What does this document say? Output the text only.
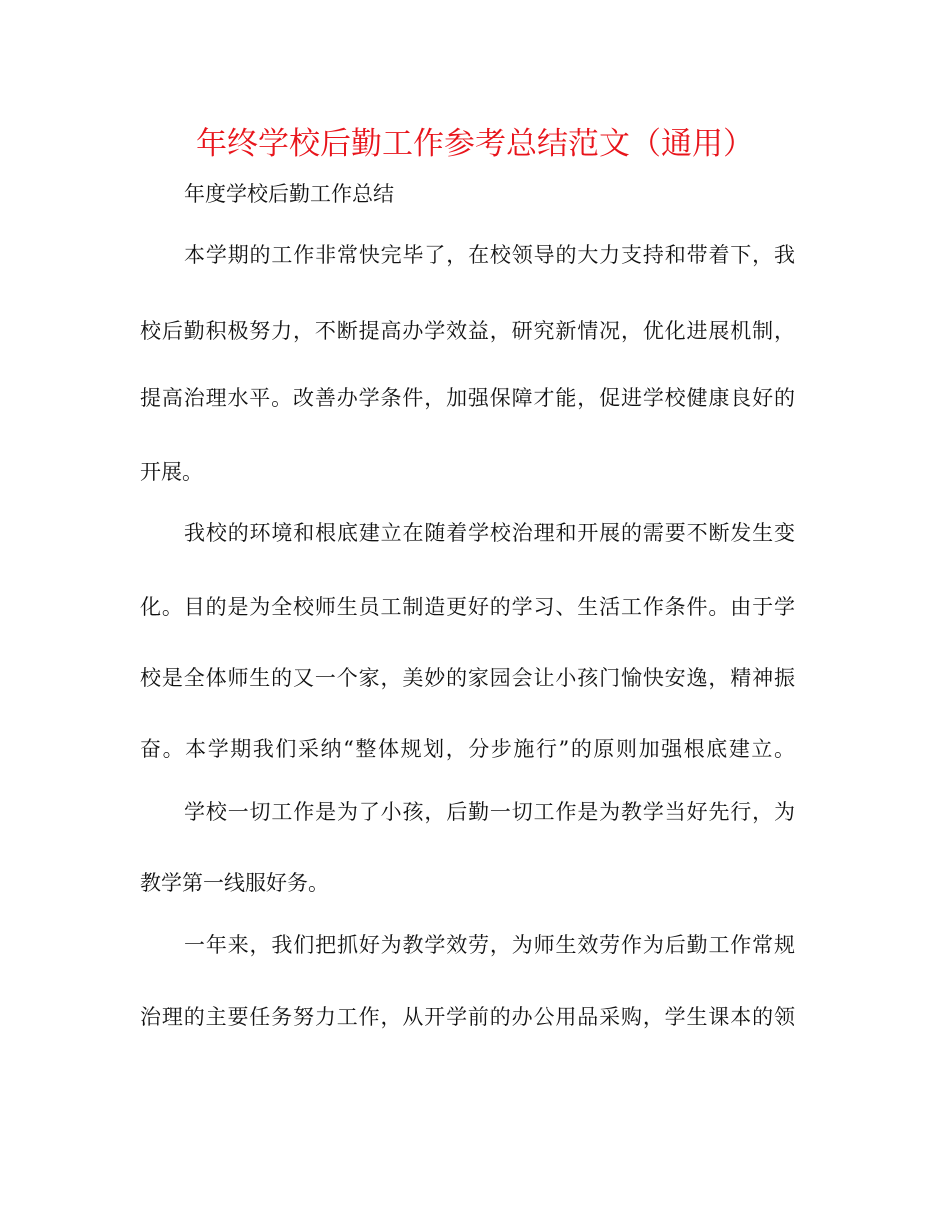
年终学校后勤工作参考总结范文（通用）
年度学校后勤工作总结
本学期的工作非常快完毕了，在校领导的大力支持和带着下，我
校后勤积极努力，不断提高办学效益，研究新情况，优化进展机制，
提高治理水平。改善办学条件，加强保障才能，促进学校健康良好的
开展。
我校的环境和根底建立在随着学校治理和开展的需要不断发生变
化。目的是为全校师生员工制造更好的学习、生活工作条件。由于学
校是全体师生的又一个家，美妙的家园会让小孩门愉快安逸，精神振
奋。本学期我们采纳“整体规划，分步施行”的原则加强根底建立。
学校一切工作是为了小孩，后勤一切工作是为教学当好先行，为
教学第一线服好务。
一年来，我们把抓好为教学效劳，为师生效劳作为后勤工作常规
治理的主要任务努力工作，从开学前的办公用品采购，学生课本的领
